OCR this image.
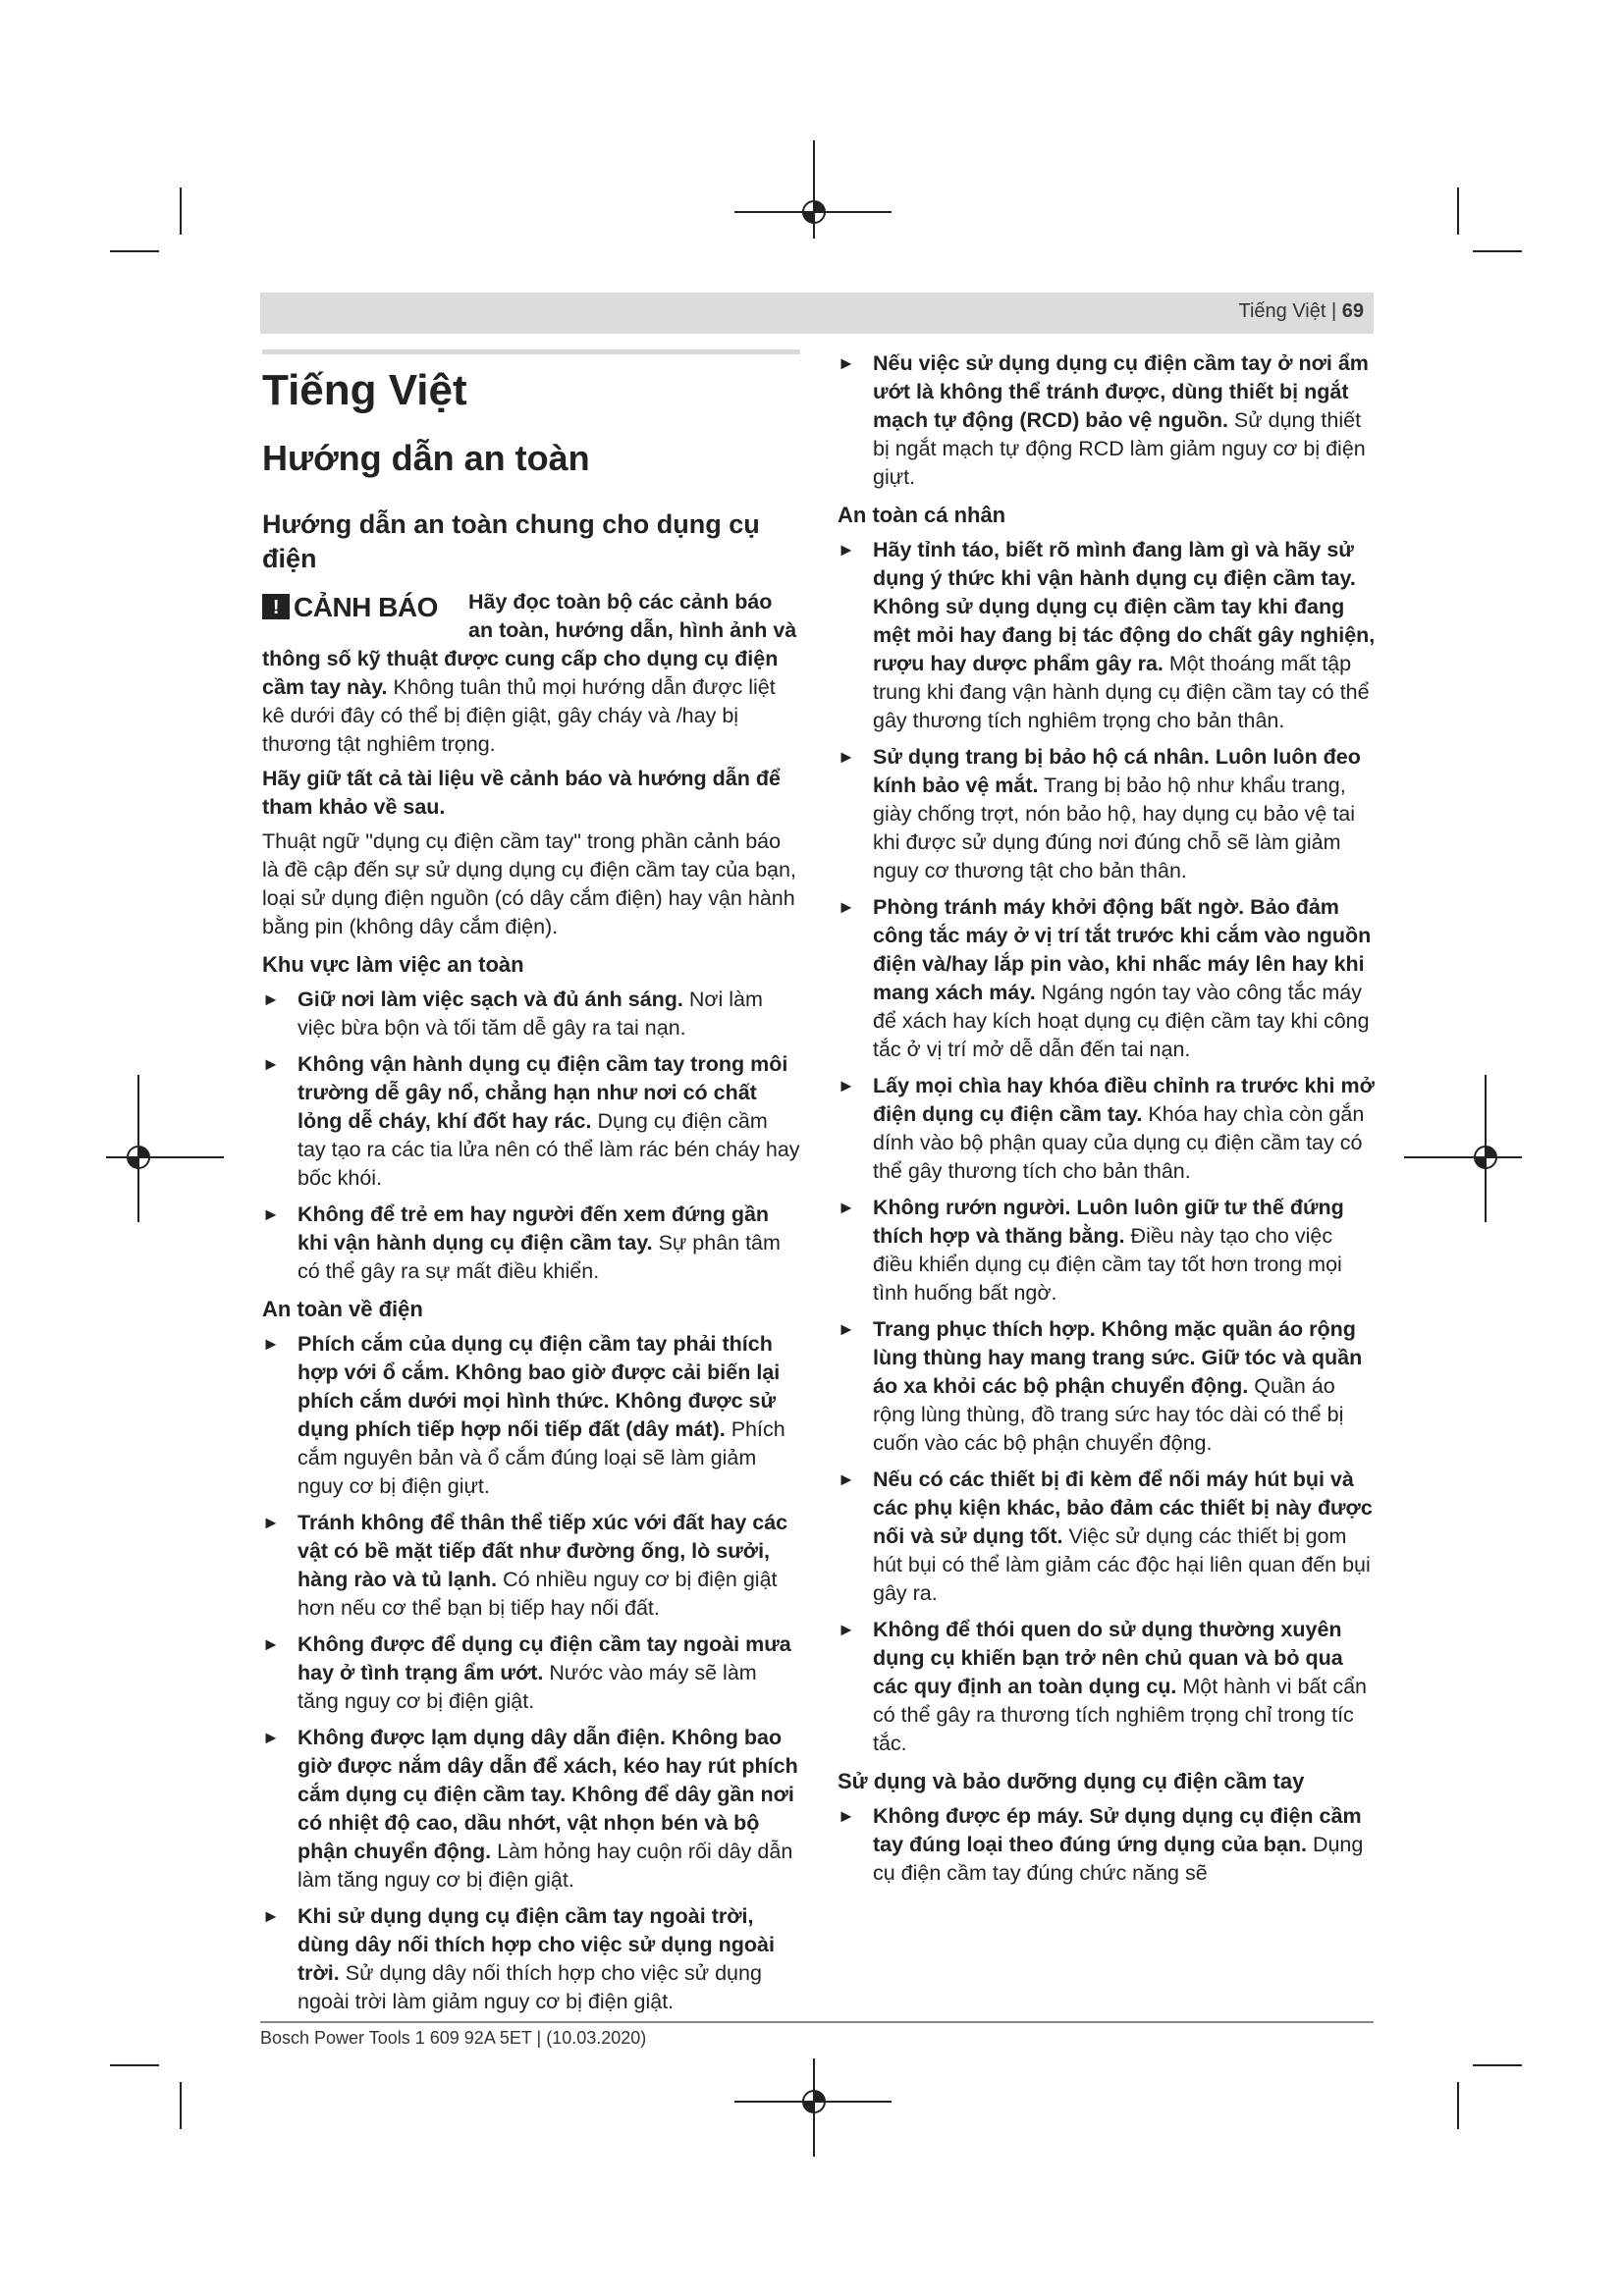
Tiếng Việt | 69
Tiếng Việt
Hướng dẫn an toàn
Hướng dẫn an toàn chung cho dụng cụ điện
! CẢNH BÁO	Hãy đọc toàn bộ các cảnh báo an toàn, hướng dẫn, hình ảnh và thông số kỹ thuật được cung cấp cho dụng cụ điện cầm tay này. Không tuân thủ mọi hướng dẫn được liệt kê dưới đây có thể bị điện giật, gây cháy và /hay bị thương tật nghiêm trọng.

Hãy giữ tất cả tài liệu về cảnh báo và hướng dẫn để tham khảo về sau.

Thuật ngữ "dụng cụ điện cầm tay" trong phần cảnh báo là đề cập đến sự sử dụng dụng cụ điện cầm tay của bạn, loại sử dụng điện nguồn (có dây cắm điện) hay vận hành bằng pin (không dây cắm điện).

Khu vực làm việc an toàn
► Giữ nơi làm việc sạch và đủ ánh sáng. Nơi làm việc bừa bộn và tối tăm dễ gây ra tai nạn.
► Không vận hành dụng cụ điện cầm tay trong môi trường dễ gây nổ, chẳng hạn như nơi có chất lỏng dễ cháy, khí đốt hay rác. Dụng cụ điện cầm tay tạo ra các tia lửa nên có thể làm rác bén cháy hay bốc khói.
► Không để trẻ em hay người đến xem đứng gần khi vận hành dụng cụ điện cầm tay. Sự phân tâm có thể gây ra sự mất điều khiển.
An toàn về điện
► Phích cắm của dụng cụ điện cầm tay phải thích hợp với ổ cắm. Không bao giờ được cải biến lại phích cắm dưới mọi hình thức. Không được sử dụng phích tiếp hợp nối tiếp đất (dây mát). Phích cắm nguyên bản và ổ cắm đúng loại sẽ làm giảm nguy cơ bị điện giựt.
► Tránh không để thân thể tiếp xúc với đất hay các vật có bề mặt tiếp đất như đường ống, lò sưởi, hàng rào và tủ lạnh. Có nhiều nguy cơ bị điện giật hơn nếu cơ thể bạn bị tiếp hay nối đất.
► Không được để dụng cụ điện cầm tay ngoài mưa hay ở tình trạng ẩm ướt. Nước vào máy sẽ làm tăng nguy cơ bị điện giật.
► Không được lạm dụng dây dẫn điện. Không bao giờ được nắm dây dẫn để xách, kéo hay rút phích cắm dụng cụ điện cầm tay. Không để dây gần nơi có nhiệt độ cao, dầu nhớt, vật nhọn bén và bộ phận chuyển động. Làm hỏng hay cuộn rối dây dẫn làm tăng nguy cơ bị điện giật.
► Khi sử dụng dụng cụ điện cầm tay ngoài trời, dùng dây nối thích hợp cho việc sử dụng ngoài trời. Sử dụng dây nối thích hợp cho việc sử dụng ngoài trời làm giảm nguy cơ bị điện giật.
► Nếu việc sử dụng dụng cụ điện cầm tay ở nơi ẩm ướt là không thể tránh được, dùng thiết bị ngắt mạch tự động (RCD) bảo vệ nguồn. Sử dụng thiết bị ngắt mạch tự động RCD làm giảm nguy cơ bị điện giựt.
An toàn cá nhân
► Hãy tỉnh táo, biết rõ mình đang làm gì và hãy sử dụng ý thức khi vận hành dụng cụ điện cầm tay. Không sử dụng dụng cụ điện cầm tay khi đang mệt mỏi hay đang bị tác động do chất gây nghiện, rượu hay dược phẩm gây ra. Một thoáng mất tập trung khi đang vận hành dụng cụ điện cầm tay có thể gây thương tích nghiêm trọng cho bản thân.
► Sử dụng trang bị bảo hộ cá nhân. Luôn luôn đeo kính bảo vệ mắt. Trang bị bảo hộ như khẩu trang, giày chống trợt, nón bảo hộ, hay dụng cụ bảo vệ tai khi được sử dụng đúng nơi đúng chỗ sẽ làm giảm nguy cơ thương tật cho bản thân.
► Phòng tránh máy khởi động bất ngờ. Bảo đảm công tắc máy ở vị trí tắt trước khi cắm vào nguồn điện và/hay lắp pin vào, khi nhấc máy lên hay khi mang xách máy. Ngáng ngón tay vào công tắc máy để xách hay kích hoạt dụng cụ điện cầm tay khi công tắc ở vị trí mở dễ dẫn đến tai nạn.
► Lấy mọi chìa hay khóa điều chỉnh ra trước khi mở điện dụng cụ điện cầm tay. Khóa hay chìa còn gắn dính vào bộ phận quay của dụng cụ điện cầm tay có thể gây thương tích cho bản thân.
► Không rướn người. Luôn luôn giữ tư thế đứng thích hợp và thăng bằng. Điều này tạo cho việc điều khiển dụng cụ điện cầm tay tốt hơn trong mọi tình huống bất ngờ.
► Trang phục thích hợp. Không mặc quần áo rộng lùng thùng hay mang trang sức. Giữ tóc và quần áo xa khỏi các bộ phận chuyển động. Quần áo rộng lùng thùng, đồ trang sức hay tóc dài có thể bị cuốn vào các bộ phận chuyển động.
► Nếu có các thiết bị đi kèm để nối máy hút bụi và các phụ kiện khác, bảo đảm các thiết bị này được nối và sử dụng tốt. Việc sử dụng các thiết bị gom hút bụi có thể làm giảm các độc hại liên quan đến bụi gây ra.
► Không để thói quen do sử dụng thường xuyên dụng cụ khiến bạn trở nên chủ quan và bỏ qua các quy định an toàn dụng cụ. Một hành vi bất cẩn có thể gây ra thương tích nghiêm trọng chỉ trong tíc tắc.
Sử dụng và bảo dưỡng dụng cụ điện cầm tay
► Không được ép máy. Sử dụng dụng cụ điện cầm tay đúng loại theo đúng ứng dụng của bạn. Dụng cụ điện cầm tay đúng chức năng sẽ
Bosch Power Tools 1 609 92A 5ET | (10.03.2020)
